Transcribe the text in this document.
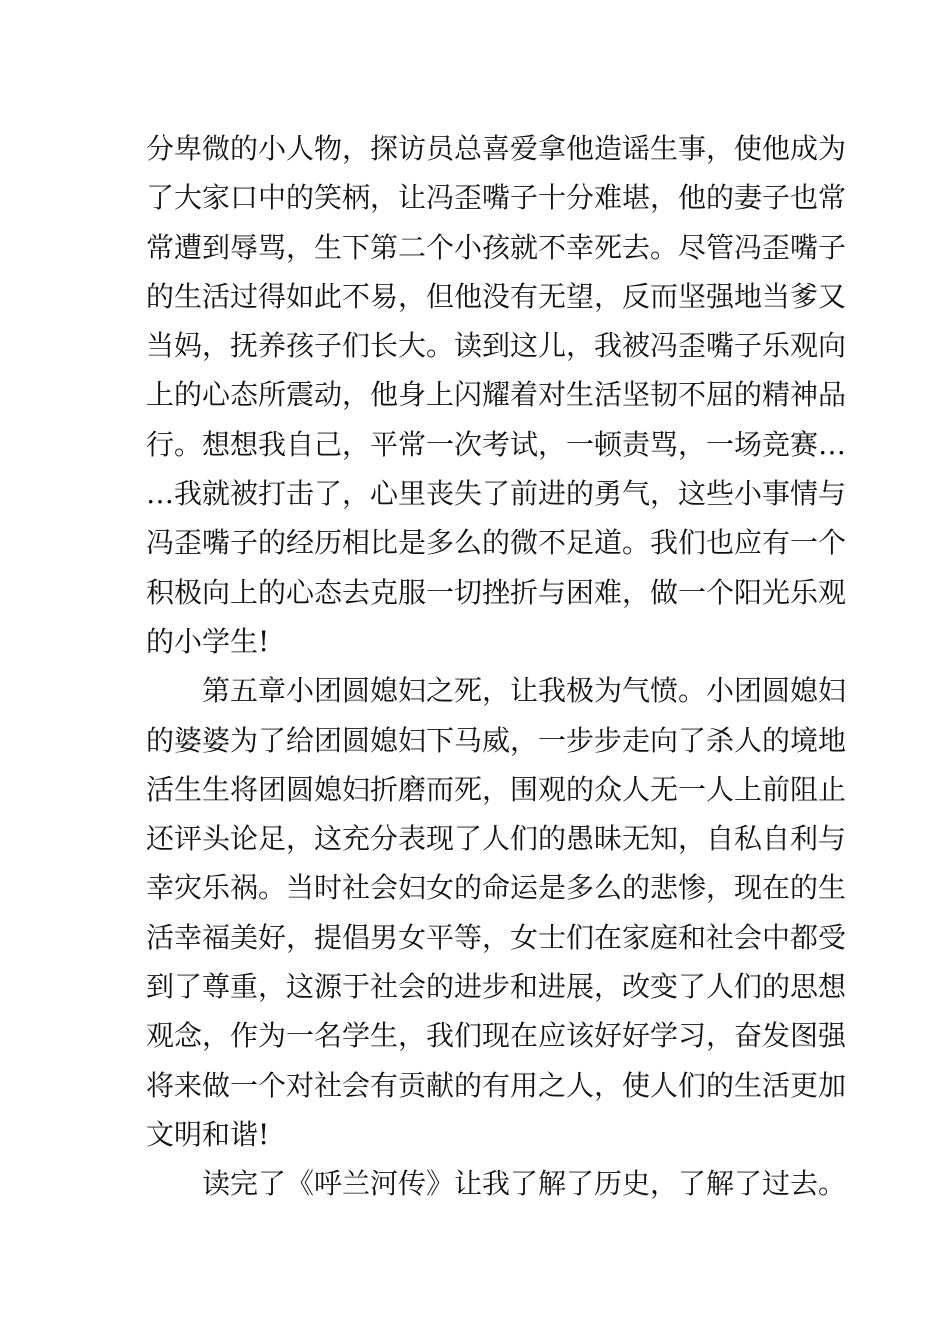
分卑微的小人物，探访员总喜爱拿他造谣生事，使他成为
了大家口中的笑柄，让冯歪嘴子十分难堪，他的妻子也常
常遭到辱骂，生下第二个小孩就不幸死去。尽管冯歪嘴子
的生活过得如此不易，但他没有无望，反而坚强地当爹又
当妈，抚养孩子们长大。读到这儿，我被冯歪嘴子乐观向
上的心态所震动，他身上闪耀着对生活坚韧不屈的精神品
行。想想我自己，平常一次考试，一顿责骂，一场竞赛…
…我就被打击了，心里丧失了前进的勇气，这些小事情与
冯歪嘴子的经历相比是多么的微不足道。我们也应有一个
积极向上的心态去克服一切挫折与困难，做一个阳光乐观
的小学生!
第五章小团圆媳妇之死，让我极为气愤。小团圆媳妇
的婆婆为了给团圆媳妇下马威，一步步走向了杀人的境地
活生生将团圆媳妇折磨而死，围观的众人无一人上前阻止
还评头论足，这充分表现了人们的愚昧无知，自私自利与
幸灾乐祸。当时社会妇女的命运是多么的悲惨，现在的生
活幸福美好，提倡男女平等，女士们在家庭和社会中都受
到了尊重，这源于社会的进步和进展，改变了人们的思想
观念，作为一名学生，我们现在应该好好学习，奋发图强
将来做一个对社会有贡献的有用之人，使人们的生活更加
文明和谐!
读完了《呼兰河传》让我了解了历史，了解了过去。
